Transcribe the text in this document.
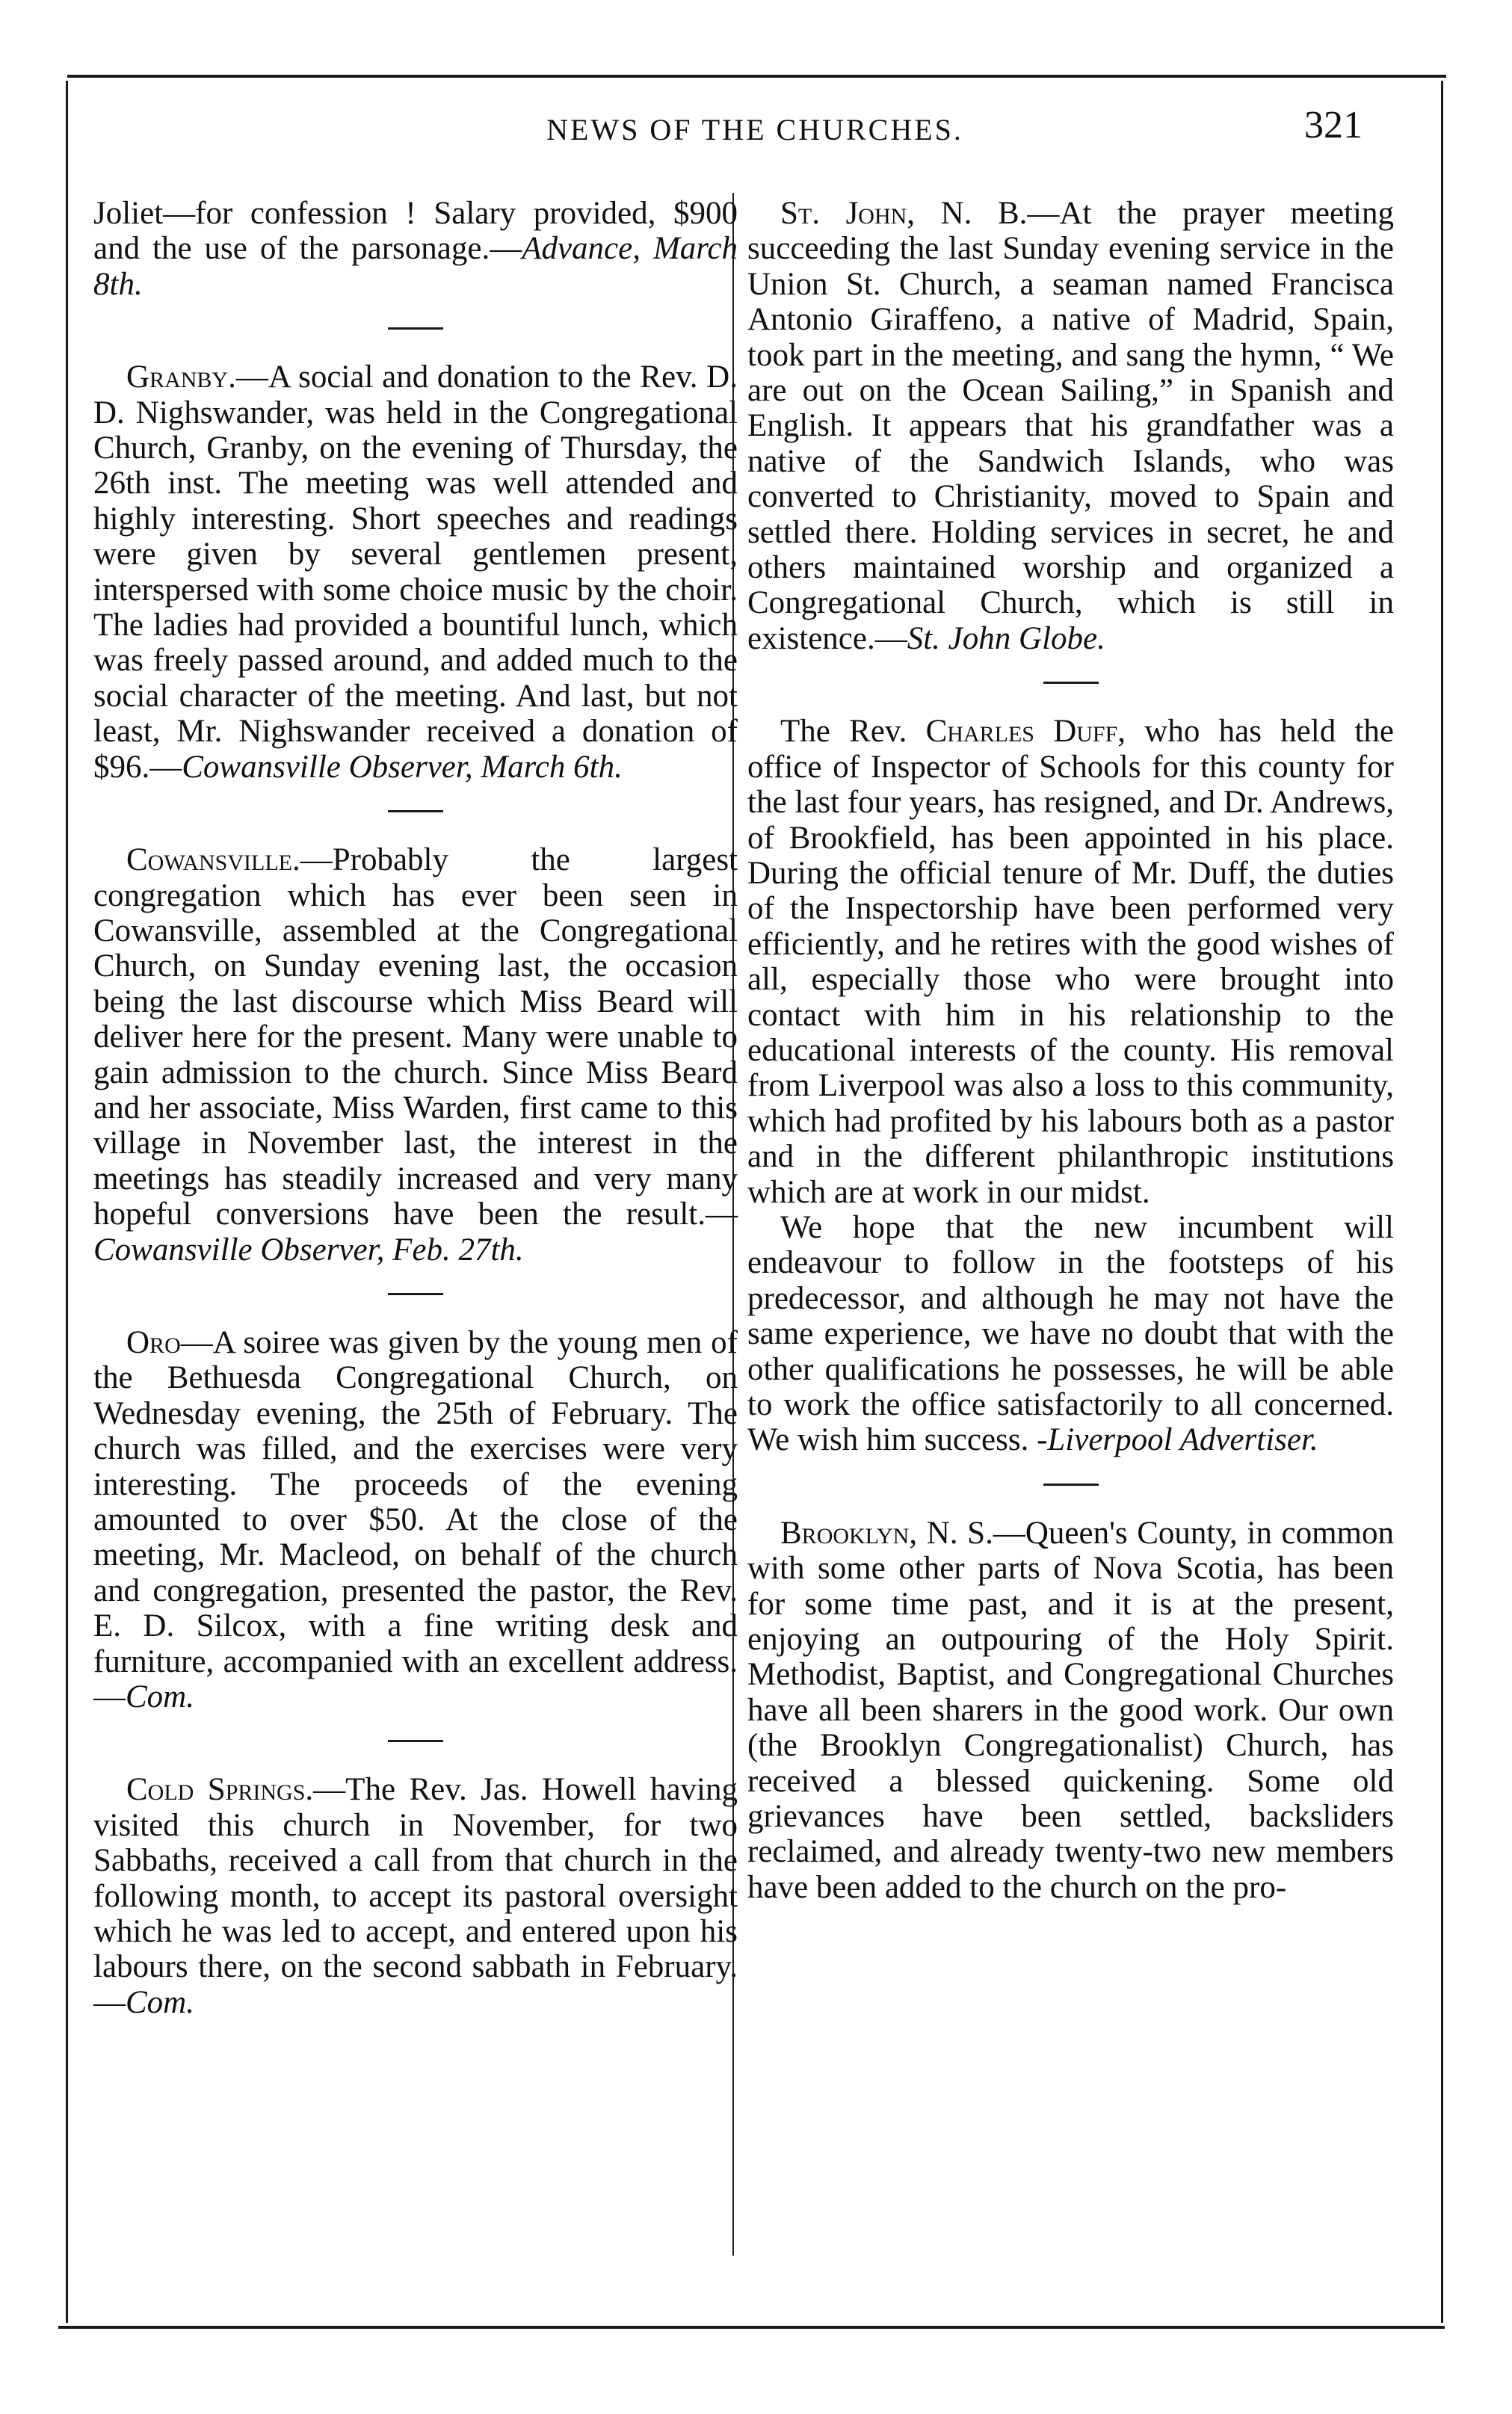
NEWS OF THE CHURCHES.	321

Joliet—for confession ! Salary provided, $900 and the use of the parsonage.—Advance, March 8th.

Granby.—A social and donation to the Rev. D. D. Nighswander, was held in the Congregational Church, Granby, on the evening of Thursday, the 26th inst. The meeting was well attended and highly interesting. Short speeches and readings were given by several gentlemen present, interspersed with some choice music by the choir. The ladies had provided a bountiful lunch, which was freely passed around, and added much to the social character of the meeting. And last, but not least, Mr. Nighswander received a donation of $96.—Cowansville Observer, March 6th.

Cowansville.—Probably the largest congregation which has ever been seen in Cowansville, assembled at the Congregational Church, on Sunday evening last, the occasion being the last discourse which Miss Beard will deliver here for the present. Many were unable to gain admission to the church. Since Miss Beard and her associate, Miss Warden, first came to this village in November last, the interest in the meetings has steadily increased and very many hopeful conversions have been the result.—Cowansville Observer, Feb. 27th.

Oro—A soiree was given by the young men of the Bethuesda Congregational Church, on Wednesday evening, the 25th of February. The church was filled, and the exercises were very interesting. The proceeds of the evening amounted to over $50. At the close of the meeting, Mr. Macleod, on behalf of the church and congregation, presented the pastor, the Rev. E. D. Silcox, with a fine writing desk and furniture, accompanied with an excellent address.—Com.

Cold Springs.—The Rev. Jas. Howell having visited this church in November, for two Sabbaths, received a call from that church in the following month, to accept its pastoral oversight which he was led to accept, and entered upon his labours there, on the second sabbath in February.—Com.

St. John, N. B.—At the prayer meeting succeeding the last Sunday evening service in the Union St. Church, a seaman named Francisca Antonio Giraffeno, a native of Madrid, Spain, took part in the meeting, and sang the hymn, “ We are out on the Ocean Sailing,” in Spanish and English. It appears that his grandfather was a native of the Sandwich Islands, who was converted to Christianity, moved to Spain and settled there. Holding services in secret, he and others maintained worship and organized a Congregational Church, which is still in existence.—St. John Globe.

The Rev. Charles Duff, who has held the office of Inspector of Schools for this county for the last four years, has resigned, and Dr. Andrews, of Brookfield, has been appointed in his place. During the official tenure of Mr. Duff, the duties of the Inspectorship have been performed very efficiently, and he retires with the good wishes of all, especially those who were brought into contact with him in his relationship to the educational interests of the county. His removal from Liverpool was also a loss to this community, which had profited by his labours both as a pastor and in the different philanthropic institutions which are at work in our midst.

We hope that the new incumbent will endeavour to follow in the footsteps of his predecessor, and although he may not have the same experience, we have no doubt that with the other qualifications he possesses, he will be able to work the office satisfactorily to all concerned. We wish him success. -Liverpool Advertiser.

Brooklyn, N. S.—Queen's County, in common with some other parts of Nova Scotia, has been for some time past, and it is at the present, enjoying an outpouring of the Holy Spirit. Methodist, Baptist, and Congregational Churches have all been sharers in the good work. Our own (the Brooklyn Congregationalist) Church, has received a blessed quickening. Some old grievances have been settled, backsliders reclaimed, and already twenty-two new members have been added to the church on the pro-
